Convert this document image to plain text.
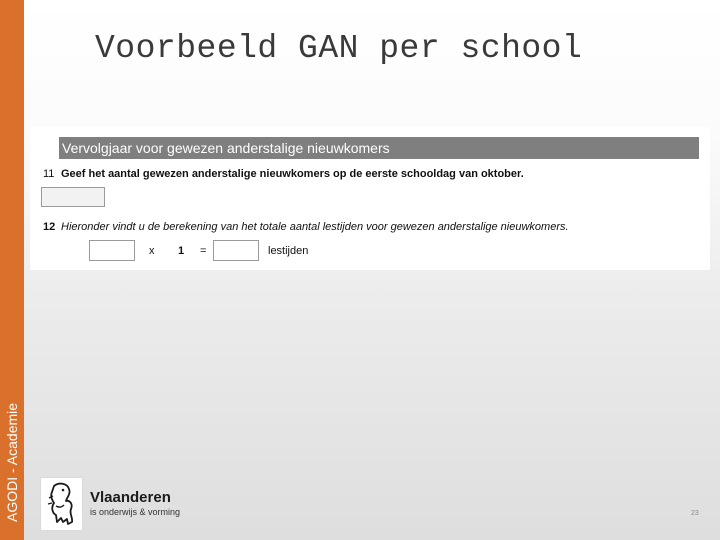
AGODI - Academie
Voorbeeld GAN per school
Vervolgjaar voor gewezen anderstalige nieuwkomers
11 Geef het aantal gewezen anderstalige nieuwkomers op de eerste schooldag van oktober.
12 Hieronder vindt u de berekening van het totale aantal lestijden voor gewezen anderstalige nieuwkomers.
x 1 =	lestijden
Vlaanderen
is onderwijs & vorming	23
